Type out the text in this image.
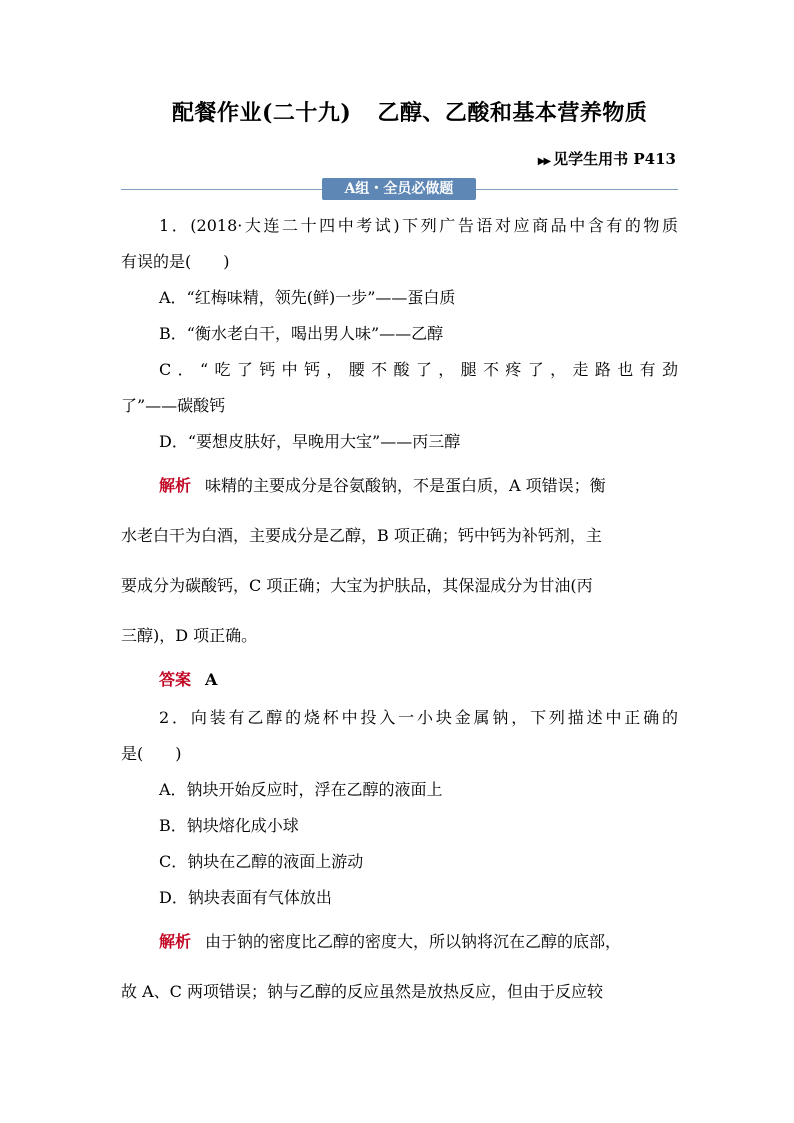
配餐作业(二十九) 乙醇、乙酸和基本营养物质
▶▶ 见学生用书 P413
A组・全员必做题

1．(2018·大连二十四中考试)下列广告语对应商品中含有的物质

有误的是(　　)

A．“红梅味精，领先(鲜)一步”——蛋白质

B．“衡水老白干，喝出男人味”——乙醇

C．“吃了钙中钙，腰不酸了，腿不疼了，走路也有劲

了”——碳酸钙

D．“要想皮肤好，早晚用大宝”——丙三醇

解析 味精的主要成分是谷氨酸钠，不是蛋白质，A 项错误；衡

水老白干为白酒，主要成分是乙醇，B 项正确；钙中钙为补钙剂，主

要成分为碳酸钙，C 项正确；大宝为护肤品，其保湿成分为甘油(丙

三醇)，D 项正确。

答案 A

2．向装有乙醇的烧杯中投入一小块金属钠，下列描述中正确的

是(　　)

A．钠块开始反应时，浮在乙醇的液面上

B．钠块熔化成小球

C．钠块在乙醇的液面上游动

D．钠块表面有气体放出

解析 由于钠的密度比乙醇的密度大，所以钠将沉在乙醇的底部，

故 A、C 两项错误；钠与乙醇的反应虽然是放热反应，但由于反应较
